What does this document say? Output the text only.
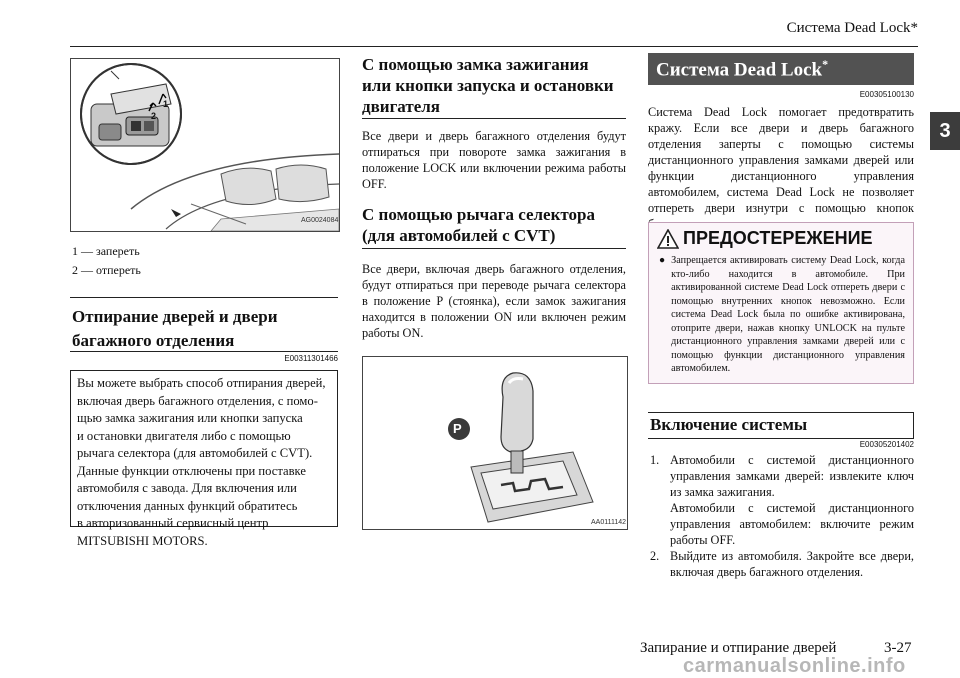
Система Dead Lock*
3
1
2
AG0024084
1 — запереть
2 — отпереть
Отпирание дверей и двери
багажного отделения
E00311301466
Вы можете выбрать способ отпирания дверей,
включая дверь багажного отделения, с помо-
щью замка зажигания или кнопки запуска
и остановки двигателя либо с помощью
рычага селектора (для автомобилей с CVT).
Данные функции отключены при поставке
автомобиля с завода. Для включения или
отключения данных функций обратитесь
в авторизованный сервисный центр
MITSUBISHI MOTORS.
С помощью замка зажигания
или кнопки запуска и остановки
двигателя
Все двери и дверь багажного отделения будут отпираться при повороте замка зажигания в положение LOCK или включении режима работы OFF.
С помощью рычага селектора
(для автомобилей с CVT)
Все двери, включая дверь багажного отделения, будут отпираться при переводе рычага селектора в положение P (стоянка), если замок зажигания находится в положении ON или включен режим работы ON.
P
AA0111142
Система Dead Lock*
E00305100130
Система Dead Lock помогает предотвратить кражу. Если все двери и дверь багажного отделения заперты с помощью системы дистанционного управления замками дверей или функции дистанционного управления автомобилем, система Dead Lock не позволяет отпереть двери изнутри с помощью кнопок
ПРЕДОСТЕРЕЖЕНИЕ
● Запрещается активировать систему Dead Lock, когда кто-либо находится в автомобиле. При активированной системе Dead Lock отпереть двери с помощью внутренних кнопок невозможно. Если система Dead Lock была по ошибке активирована, отоприте двери, нажав кнопку UNLOCK на пульте дистанционного управления замками дверей или с помощью функции дистанционного управления автомобилем.
Включение системы
E00305201402
1. Автомобили с системой дистанционного управления замками дверей: извлеките ключ из замка зажигания.
Автомобили с системой дистанционного управления автомобилем: включите режим работы OFF.
2. Выйдите из автомобиля. Закройте все двери, включая дверь багажного отделения.
Запирание и отпирание дверей	3-27
carmanualsonline.info
